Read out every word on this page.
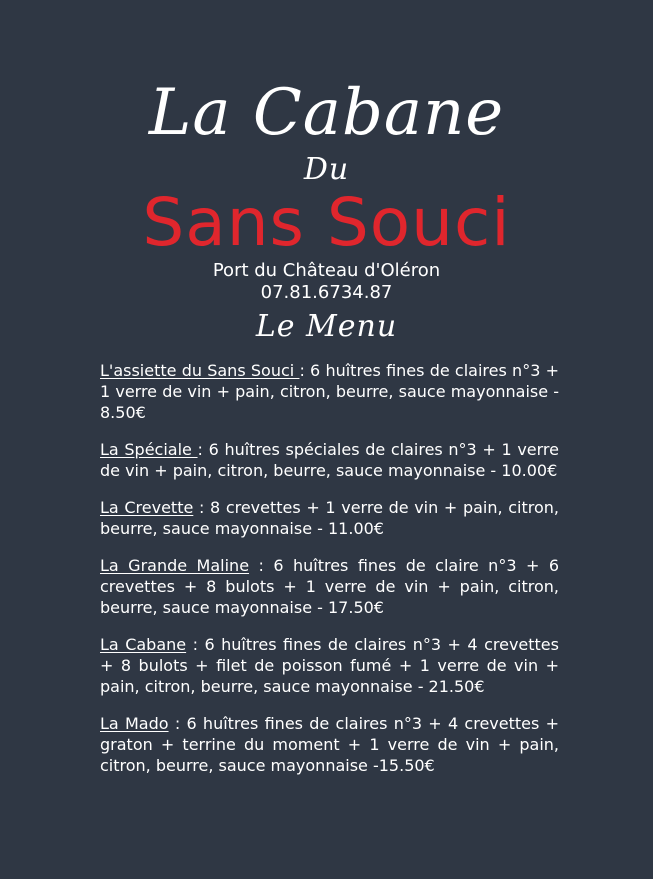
La Cabane
Du
Sans Souci
Port du Château d'Oléron
07.81.6734.87
Le Menu

L'assiette du Sans Souci : 6 huîtres fines de claires n°3 + 1 verre de vin + pain, citron, beurre, sauce mayonnaise - 8.50€

La Spéciale : 6 huîtres spéciales de claires n°3 + 1 verre de vin + pain, citron, beurre, sauce mayonnaise - 10.00€

La Crevette : 8 crevettes + 1 verre de vin + pain, citron, beurre, sauce mayonnaise - 11.00€

La Grande Maline : 6 huîtres fines de claire n°3 + 6 crevettes + 8 bulots + 1 verre de vin + pain, citron, beurre, sauce mayonnaise - 17.50€

La Cabane : 6 huîtres fines de claires n°3 + 4 crevettes + 8 bulots + filet de poisson fumé + 1 verre de vin + pain, citron, beurre, sauce mayonnaise - 21.50€

La Mado : 6 huîtres fines de claires n°3 + 4 crevettes + graton + terrine du moment + 1 verre de vin + pain, citron, beurre, sauce mayonnaise -15.50€
